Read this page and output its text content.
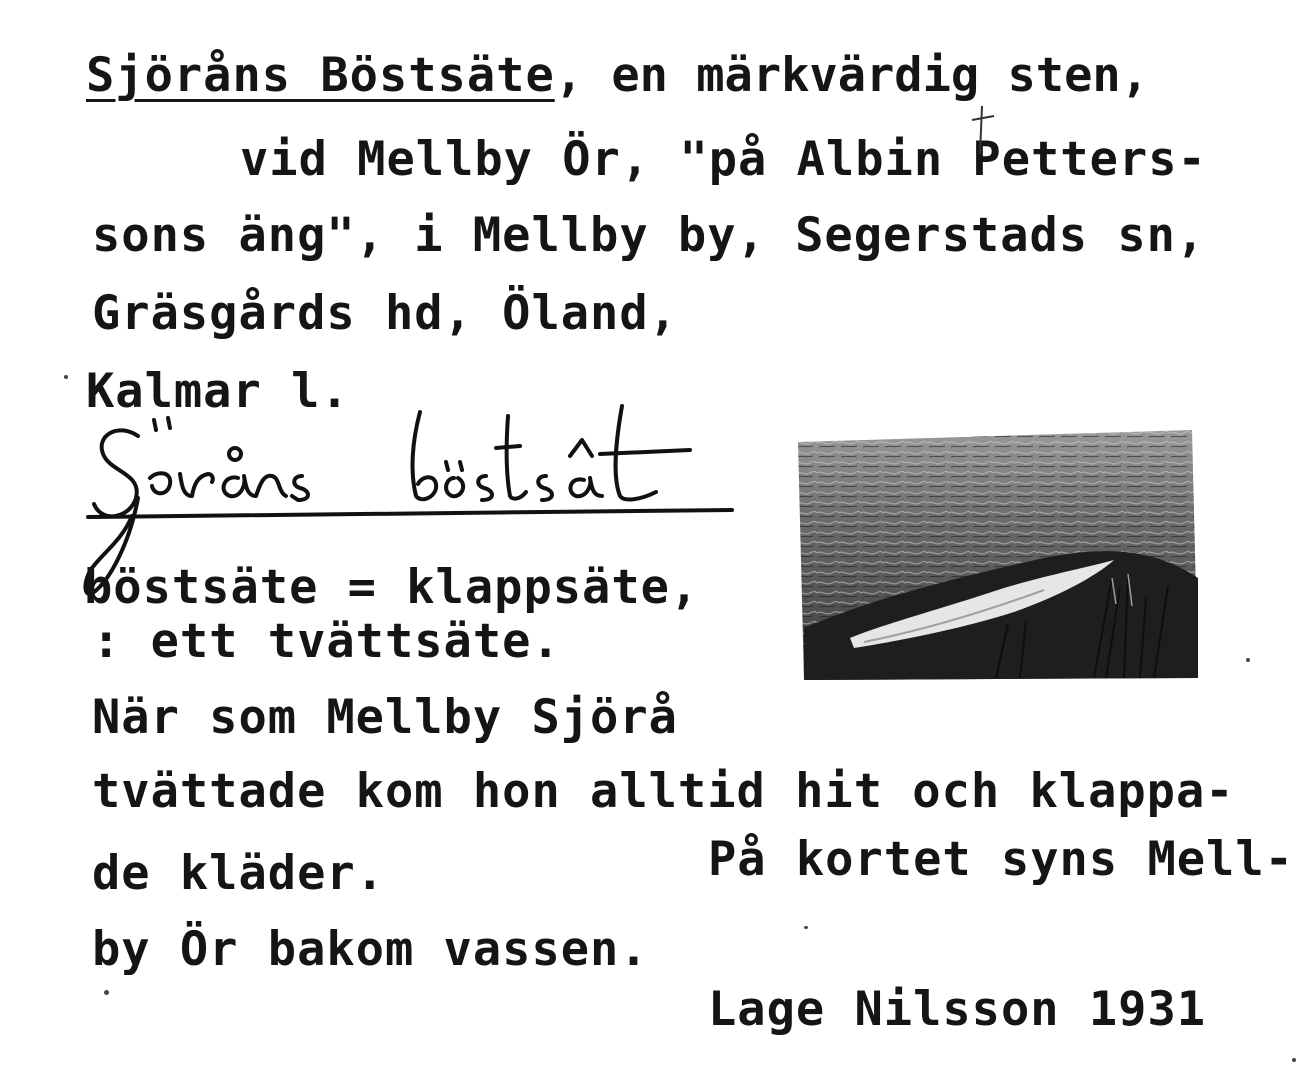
Sjöråns Böstsäte, en märkvärdig sten,
vid Mellby Ör, "på Albin Petters-
sons äng", i Mellby by, Segerstads sn,
Gräsgårds hd, Öland,
Kalmar l.
böstsäte = klappsäte,
: ett tvättsäte.
När som Mellby Sjörå
tvättade kom hon alltid hit och klappa-
de kläder.	På kortet syns Mell-
by Ör bakom vassen.
Lage Nilsson 1931
